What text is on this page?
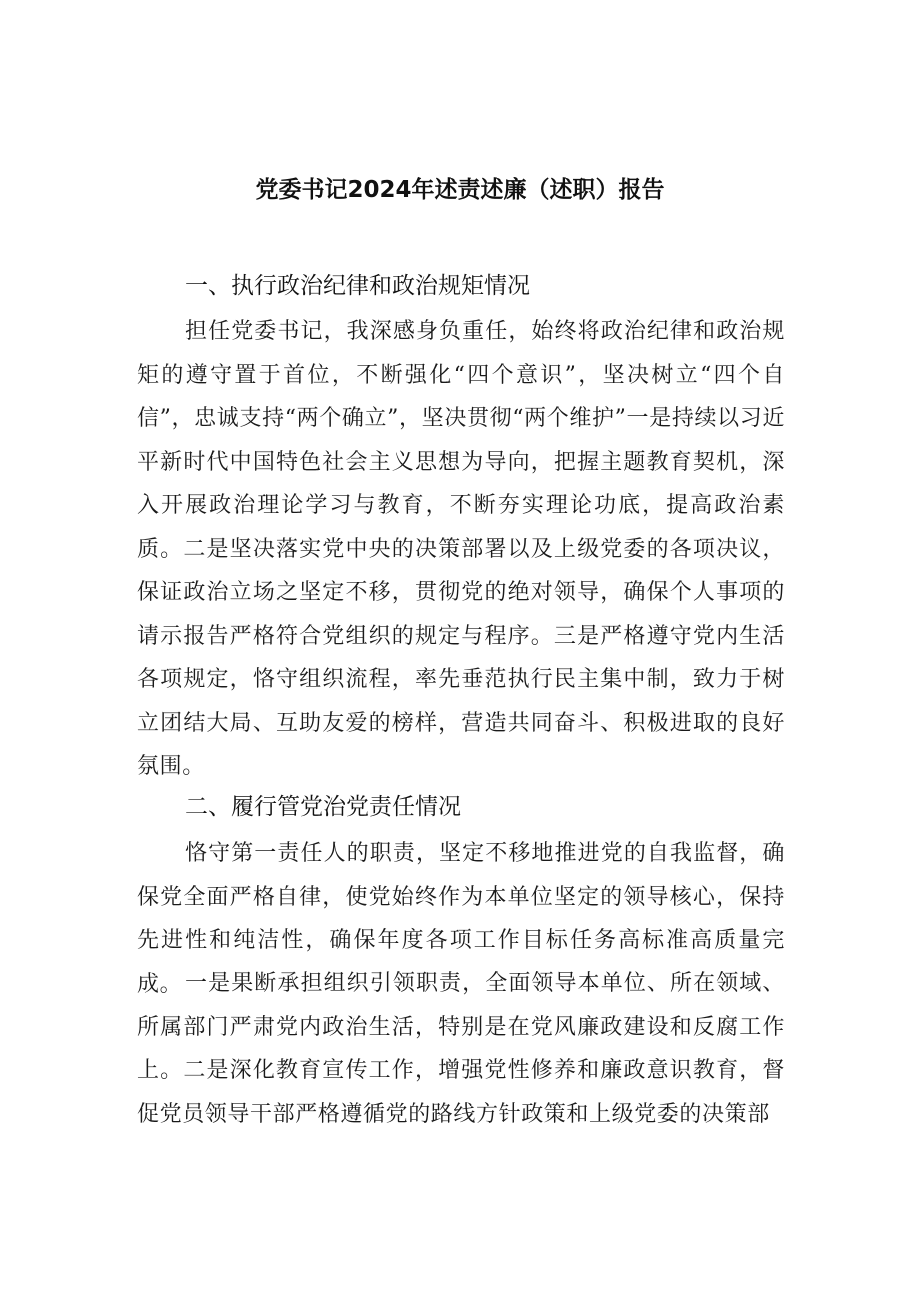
党委书记2024年述责述廉（述职）报告
一、执行政治纪律和政治规矩情况
担任党委书记，我深感身负重任，始终将政治纪律和政治规矩的遵守置于首位，不断强化“四个意识”，坚决树立“四个自信”，忠诚支持“两个确立”，坚决贯彻“两个维护”一是持续以习近平新时代中国特色社会主义思想为导向，把握主题教育契机，深入开展政治理论学习与教育，不断夯实理论功底，提高政治素质。二是坚决落实党中央的决策部署以及上级党委的各项决议，保证政治立场之坚定不移，贯彻党的绝对领导，确保个人事项的请示报告严格符合党组织的规定与程序。三是严格遵守党内生活各项规定，恪守组织流程，率先垂范执行民主集中制，致力于树立团结大局、互助友爱的榜样，营造共同奋斗、积极进取的良好氛围。
二、履行管党治党责任情况
恪守第一责任人的职责，坚定不移地推进党的自我监督，确保党全面严格自律，使党始终作为本单位坚定的领导核心，保持先进性和纯洁性，确保年度各项工作目标任务高标准高质量完成。 一是果断承担组织引领职责，全面领导本单位、所在领域、所属部门严肃党内政治生活，特别是在党风廉政建设和反腐工作上。二是深化教育宣传工作，增强党性修养和廉政意识教育，督促党员领导干部严格遵循党的路线方针政策和上级党委的决策部
